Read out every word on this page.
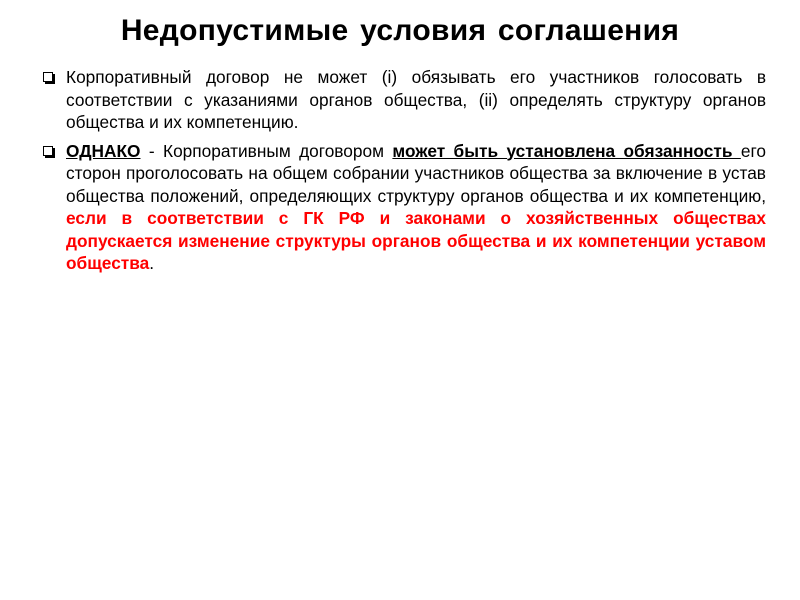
Недопустимые условия соглашения
Корпоративный договор не может (i) обязывать его участников голосовать в соответствии с указаниями органов общества, (ii) определять структуру органов общества и их компетенцию.
ОДНАКО - Корпоративным договором может быть установлена обязанность его сторон проголосовать на общем собрании участников общества за включение в устав общества положений, определяющих структуру органов общества и их компетенцию, если в соответствии с ГК РФ и законами о хозяйственных обществах допускается изменение структуры органов общества и их компетенции уставом общества.
